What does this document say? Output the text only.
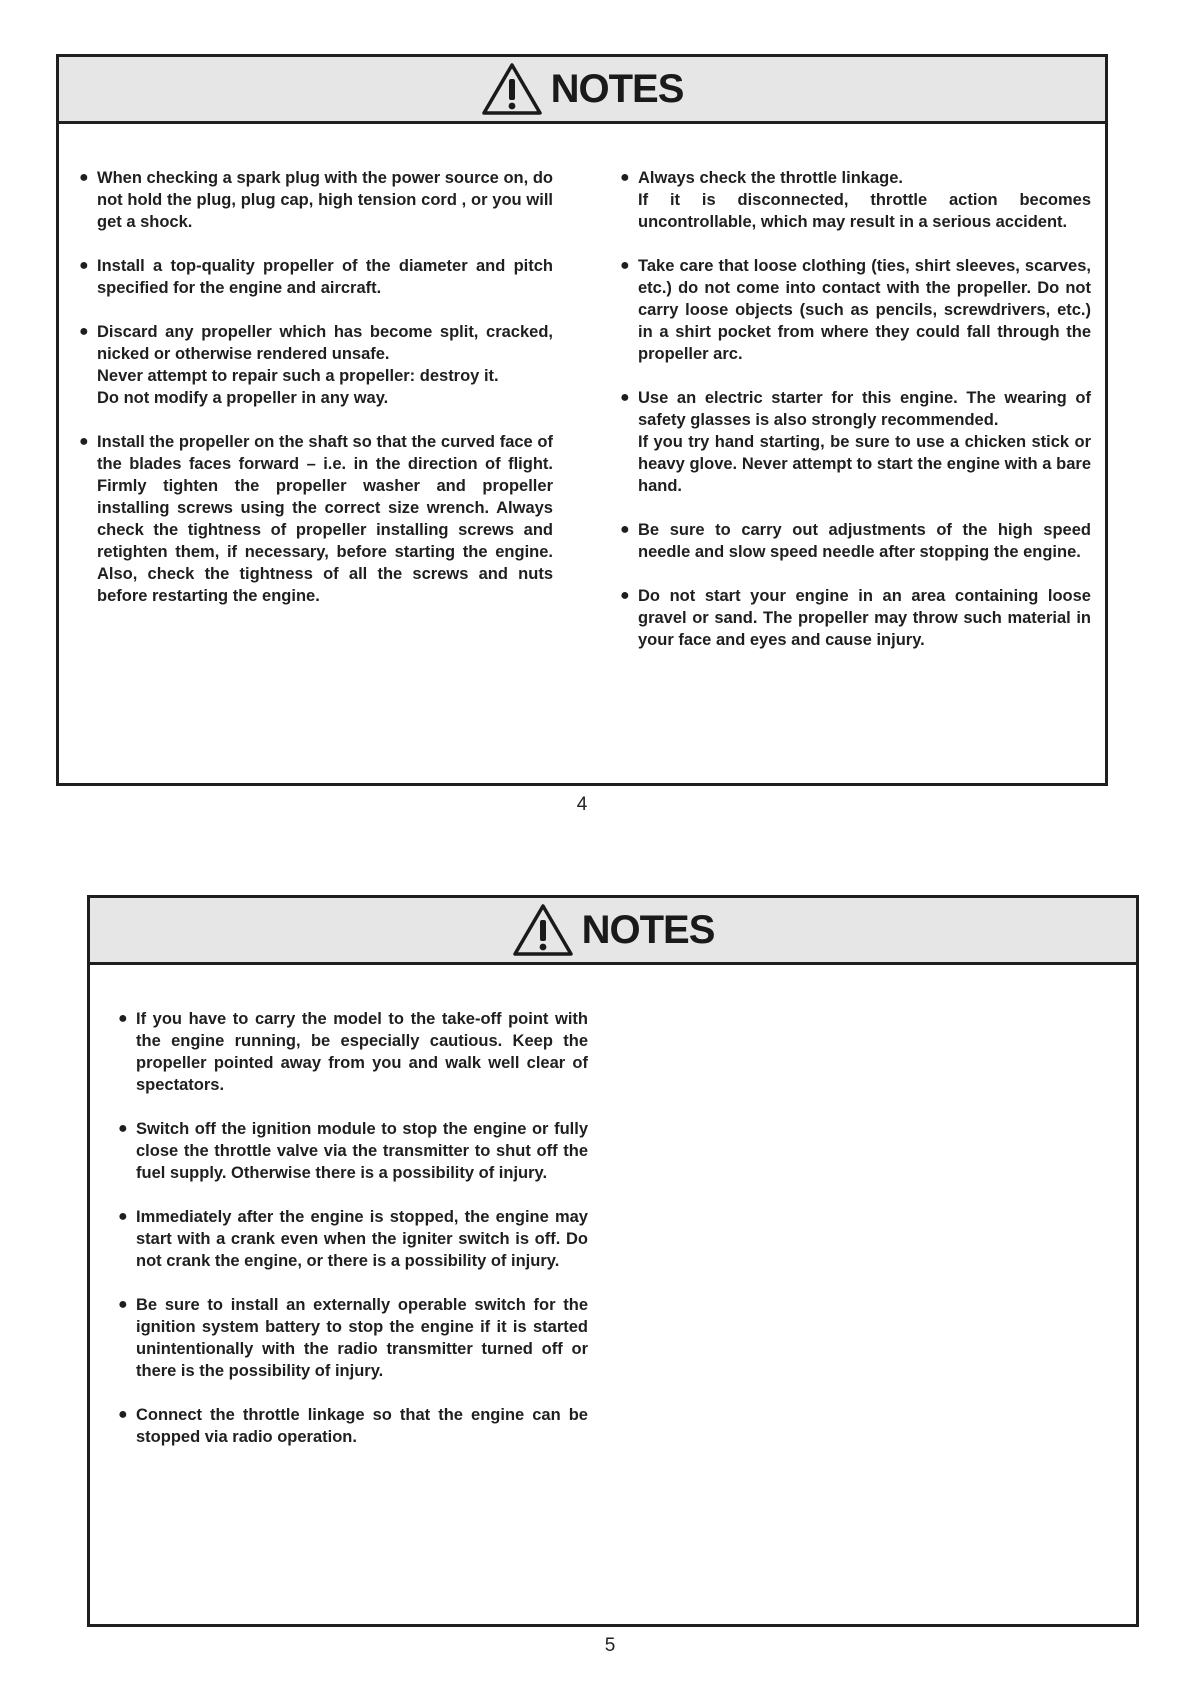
NOTES
● When checking a spark plug with the power source on, do not hold the plug, plug cap, high tension cord , or you will get a shock.
● Install a top-quality propeller of the diameter and pitch specified for the engine and aircraft.
● Discard any propeller which has become split, cracked, nicked or otherwise rendered unsafe.
Never attempt to repair such a propeller: destroy it.
Do not modify a propeller in any way.
● Install the propeller on the shaft so that the curved face of the blades faces forward – i.e. in the direction of flight. Firmly tighten the propeller washer and propeller installing screws using the correct size wrench. Always check the tightness of propeller installing screws and retighten them, if necessary, before starting the engine. Also, check the tightness of all the screws and nuts before restarting the engine.
● Always check the throttle linkage.
If it is disconnected, throttle action becomes uncontrollable, which may result in a serious accident.
● Take care that loose clothing (ties, shirt sleeves, scarves, etc.) do not come into contact with the propeller. Do not carry loose objects (such as pencils, screwdrivers, etc.) in a shirt pocket from where they could fall through the propeller arc.
● Use an electric starter for this engine. The wearing of safety glasses is also strongly recommended.
If you try hand starting, be sure to use a chicken stick or heavy glove. Never attempt to start the engine with a bare hand.
● Be sure to carry out adjustments of the high speed needle and slow speed needle after stopping the engine.
● Do not start your engine in an area containing loose gravel or sand. The propeller may throw such material in your face and eyes and cause injury.
4
NOTES
● If you have to carry the model to the take-off point with the engine running, be especially cautious. Keep the propeller pointed away from you and walk well clear of spectators.
● Switch off the ignition module to stop the engine or fully close the throttle valve via the transmitter to shut off the fuel supply. Otherwise there is a possibility of injury.
● Immediately after the engine is stopped, the engine may start with a crank even when the igniter switch is off. Do not crank the engine, or there is a possibility of injury.
● Be sure to install an externally operable switch for the ignition system battery to stop the engine if it is started unintentionally with the radio transmitter turned off or there is the possibility of injury.
● Connect the throttle linkage so that the engine can be stopped via radio operation.
5
